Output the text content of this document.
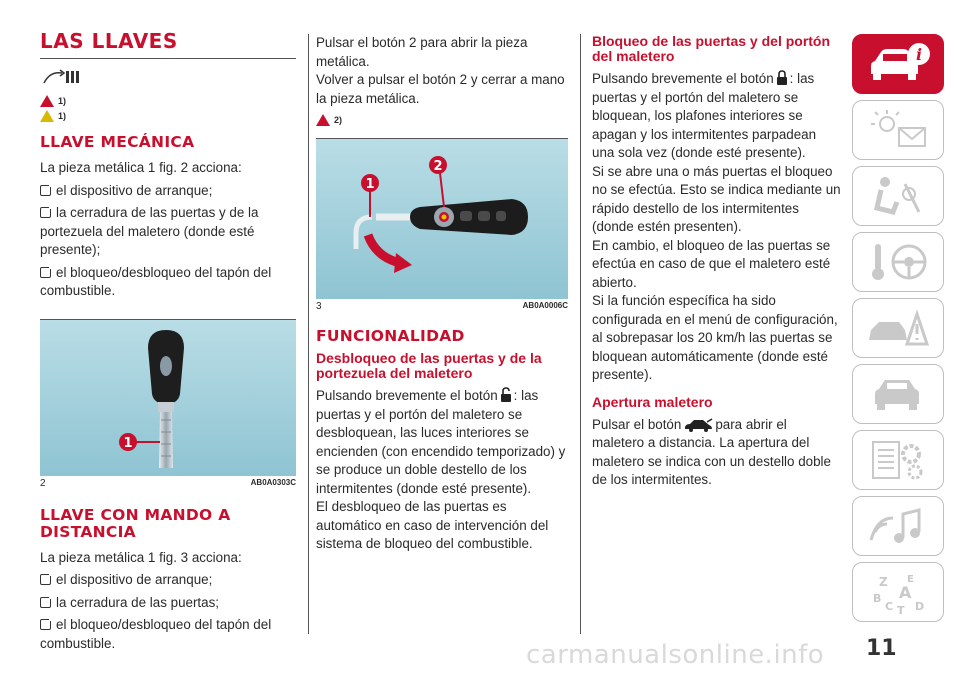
LAS LLAVES
1)
1)
LLAVE MECÁNICA

La pieza metálica 1 fig. 2 acciona:

el dispositivo de arranque;
la cerradura de las puertas y de la portezuela del maletero (donde esté presente);
el bloqueo/desbloqueo del tapón del combustible.
1
2	AB0A0303C
LLAVE CON MANDO A DISTANCIA

La pieza metálica 1 fig. 3 acciona:

el dispositivo de arranque;
la cerradura de las puertas;
el bloqueo/desbloqueo del tapón del combustible.

Pulsar el botón 2 para abrir la pieza metálica.
Volver a pulsar el botón 2 y cerrar a mano la pieza metálica.

2)
1
2
3	AB0A0006C
FUNCIONALIDAD
Desbloqueo de las puertas y de la portezuela del maletero

Pulsando brevemente el botón : las puertas y el portón del maletero se desbloquean, las luces interiores se encienden (con encendido temporizado) y se produce un doble destello de los intermitentes (donde esté presente).

El desbloqueo de las puertas es automático en caso de intervención del sistema de bloqueo del combustible.

Bloqueo de las puertas y del portón del maletero

Pulsando brevemente el botón : las puertas y el portón del maletero se bloquean, los plafones interiores se apagan y los intermitentes parpadean una sola vez (donde esté presente).

Si se abre una o más puertas el bloqueo no se efectúa. Esto se indica mediante un rápido destello de los intermitentes (donde estén presenten).

En cambio, el bloqueo de las puertas se efectúa en caso de que el maletero esté abierto.

Si la función específica ha sido configurada en el menú de configuración, al sobrepasar los 20 km/h las puertas se bloquean automáticamente (donde esté presente).

Apertura maletero

Pulsar el botón	para abrir el maletero a distancia. La apertura del maletero se indica con un destello doble de los intermitentes.

i
Z E
B A
C T D
carmanualsonline.info 11
